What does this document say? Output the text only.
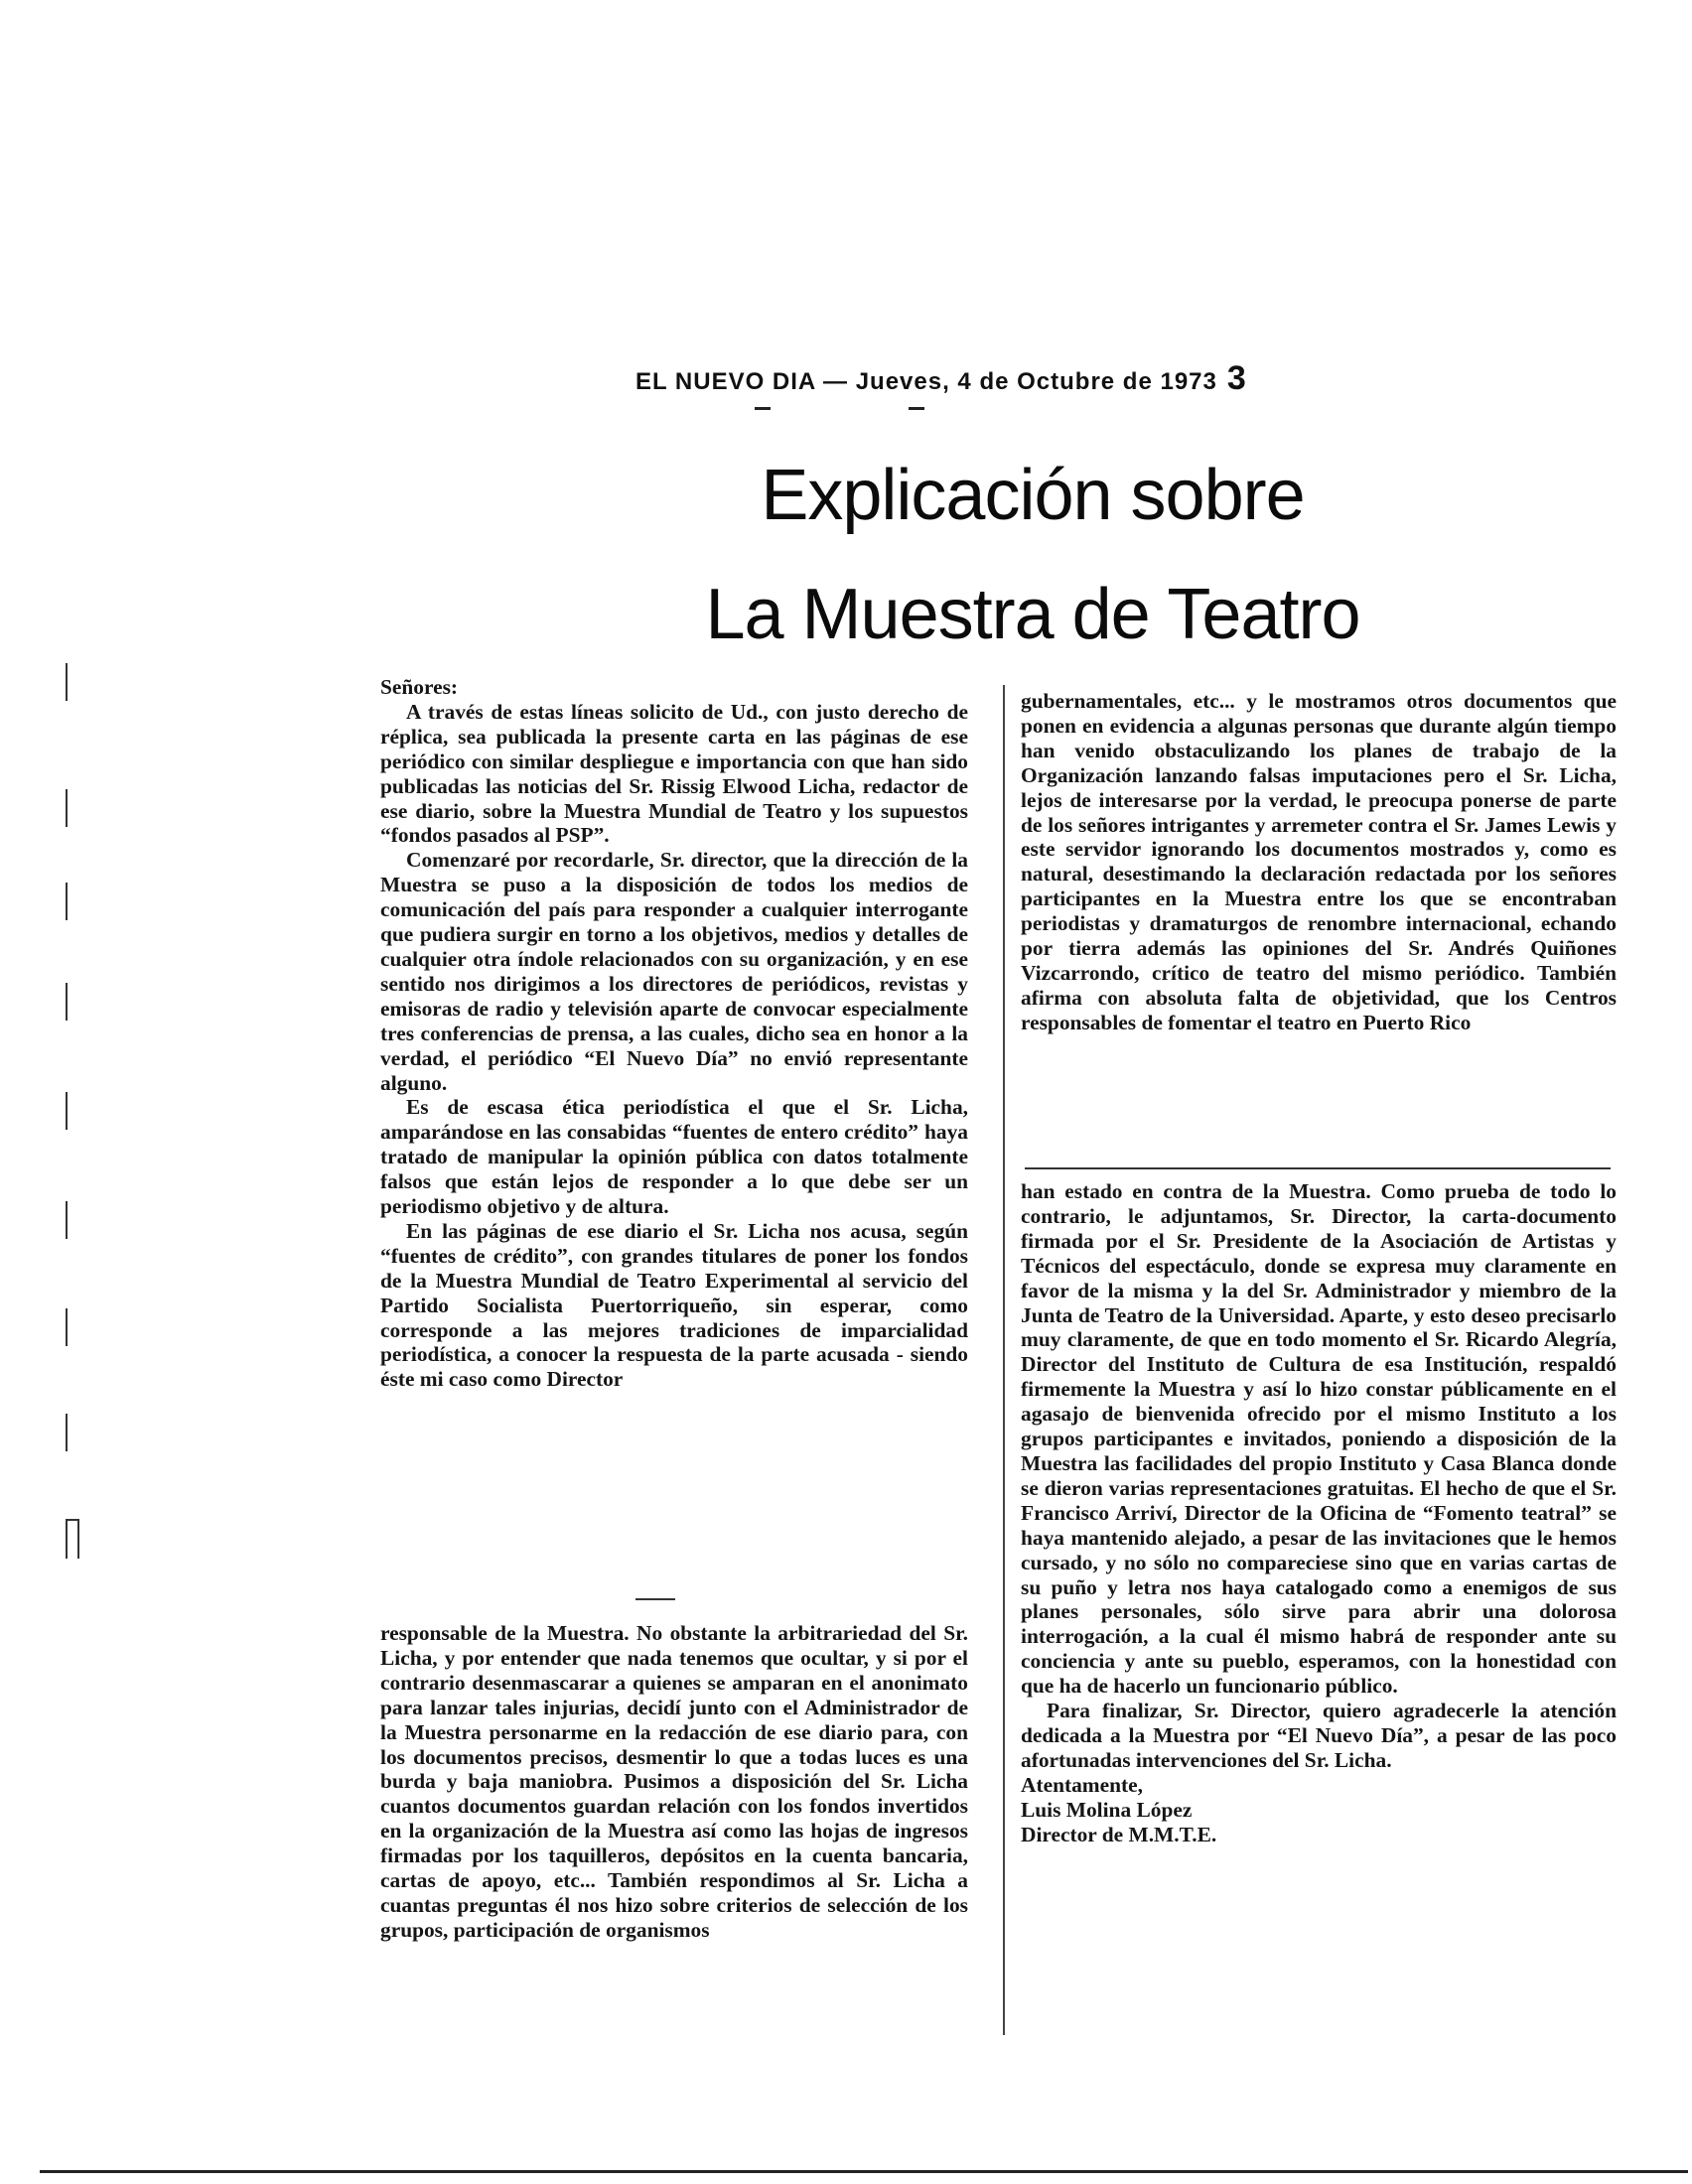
EL NUEVO DIA — Jueves, 4 de Octubre de 1973 3
Explicación sobre
La Muestra de Teatro

Señores:

A través de estas líneas solicito de Ud., con justo derecho de réplica, sea publicada la presente carta en las páginas de ese periódico con similar despliegue e importancia con que han sido publicadas las noticias del Sr. Rissig Elwood Licha, redactor de ese diario, sobre la Muestra Mundial de Teatro y los supuestos “fondos pasados al PSP”.

Comenzaré por recordarle, Sr. director, que la dirección de la Muestra se puso a la disposición de todos los medios de comunicación del país para responder a cualquier interrogante que pudiera surgir en torno a los objetivos, medios y detalles de cualquier otra índole relacionados con su organización, y en ese sentido nos dirigimos a los directores de periódicos, revistas y emisoras de radio y televisión aparte de convocar especialmente tres conferencias de prensa, a las cuales, dicho sea en honor a la verdad, el periódico “El Nuevo Día” no envió representante alguno.

Es de escasa ética periodística el que el Sr. Licha, amparándose en las consabidas “fuentes de entero crédito” haya tratado de manipular la opinión pública con datos totalmente falsos que están lejos de responder a lo que debe ser un periodismo objetivo y de altura.

En las páginas de ese diario el Sr. Licha nos acusa, según “fuentes de crédito”, con grandes titulares de poner los fondos de la Muestra Mundial de Teatro Experimental al servicio del Partido Socialista Puertorriqueño, sin esperar, como corresponde a las mejores tradiciones de imparcialidad periodística, a conocer la respuesta de la parte acusada - siendo éste mi caso como Director

responsable de la Muestra. No obstante la arbitrariedad del Sr. Licha, y por entender que nada tenemos que ocultar, y si por el contrario desenmascarar a quienes se amparan en el anonimato para lanzar tales injurias, decidí junto con el Administrador de la Muestra personarme en la redacción de ese diario para, con los documentos precisos, desmentir lo que a todas luces es una burda y baja maniobra. Pusimos a disposición del Sr. Licha cuantos documentos guardan relación con los fondos invertidos en la organización de la Muestra así como las hojas de ingresos firmadas por los taquilleros, depósitos en la cuenta bancaria, cartas de apoyo, etc... También respondimos al Sr. Licha a cuantas preguntas él nos hizo sobre criterios de selección de los grupos, participación de organismos

gubernamentales, etc... y le mostramos otros documentos que ponen en evidencia a algunas personas que durante algún tiempo han venido obstaculizando los planes de trabajo de la Organización lanzando falsas imputaciones pero el Sr. Licha, lejos de interesarse por la verdad, le preocupa ponerse de parte de los señores intrigantes y arremeter contra el Sr. James Lewis y este servidor ignorando los documentos mostrados y, como es natural, desestimando la declaración redactada por los señores participantes en la Muestra entre los que se encontraban periodistas y dramaturgos de renombre internacional, echando por tierra además las opiniones del Sr. Andrés Quiñones Vizcarrondo, crítico de teatro del mismo periódico. También afirma con absoluta falta de objetividad, que los Centros responsables de fomentar el teatro en Puerto Rico

han estado en contra de la Muestra. Como prueba de todo lo contrario, le adjuntamos, Sr. Director, la carta-documento firmada por el Sr. Presidente de la Asociación de Artistas y Técnicos del espectáculo, donde se expresa muy claramente en favor de la misma y la del Sr. Administrador y miembro de la Junta de Teatro de la Universidad. Aparte, y esto deseo precisarlo muy claramente, de que en todo momento el Sr. Ricardo Alegría, Director del Instituto de Cultura de esa Institución, respaldó firmemente la Muestra y así lo hizo constar públicamente en el agasajo de bienvenida ofrecido por el mismo Instituto a los grupos participantes e invitados, poniendo a disposición de la Muestra las facilidades del propio Instituto y Casa Blanca donde se dieron varias representaciones gratuitas. El hecho de que el Sr. Francisco Arriví, Director de la Oficina de “Fomento teatral” se haya mantenido alejado, a pesar de las invitaciones que le hemos cursado, y no sólo no compareciese sino que en varias cartas de su puño y letra nos haya catalogado como a enemigos de sus planes personales, sólo sirve para abrir una dolorosa interrogación, a la cual él mismo habrá de responder ante su conciencia y ante su pueblo, esperamos, con la honestidad con que ha de hacerlo un funcionario público.

Para finalizar, Sr. Director, quiero agradecerle la atención dedicada a la Muestra por “El Nuevo Día”, a pesar de las poco afortunadas intervenciones del Sr. Licha.

Atentamente,

Luis Molina López

Director de M.M.T.E.
